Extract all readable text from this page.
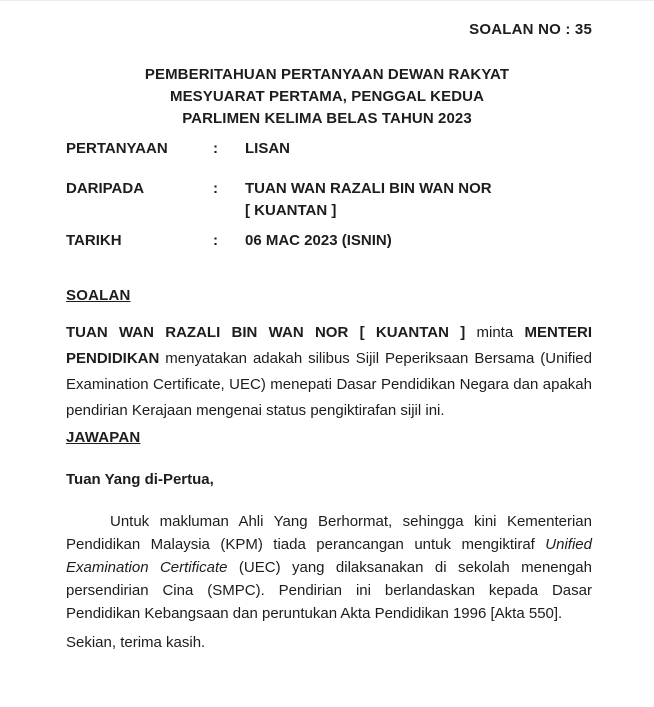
SOALAN NO : 35
PEMBERITAHUAN PERTANYAAN DEWAN RAKYAT
MESYUARAT PERTAMA, PENGGAL KEDUA
PARLIMEN KELIMA BELAS TAHUN 2023
PERTANYAAN	:	LISAN
DARIPADA	:	TUAN WAN RAZALI BIN WAN NOR
[ KUANTAN ]
TARIKH	:	06 MAC 2023 (ISNIN)
SOALAN

TUAN WAN RAZALI BIN WAN NOR [ KUANTAN ] minta MENTERI PENDIDIKAN menyatakan adakah silibus Sijil Peperiksaan Bersama (Unified Examination Certificate, UEC) menepati Dasar Pendidikan Negara dan apakah pendirian Kerajaan mengenai status pengiktirafan sijil ini.

JAWAPAN
Tuan Yang di-Pertua,

Untuk makluman Ahli Yang Berhormat, sehingga kini Kementerian Pendidikan Malaysia (KPM) tiada perancangan untuk mengiktiraf Unified Examination Certificate (UEC) yang dilaksanakan di sekolah menengah persendirian Cina (SMPC). Pendirian ini berlandaskan kepada Dasar Pendidikan Kebangsaan dan peruntukan Akta Pendidikan 1996 [Akta 550].

Sekian, terima kasih.
